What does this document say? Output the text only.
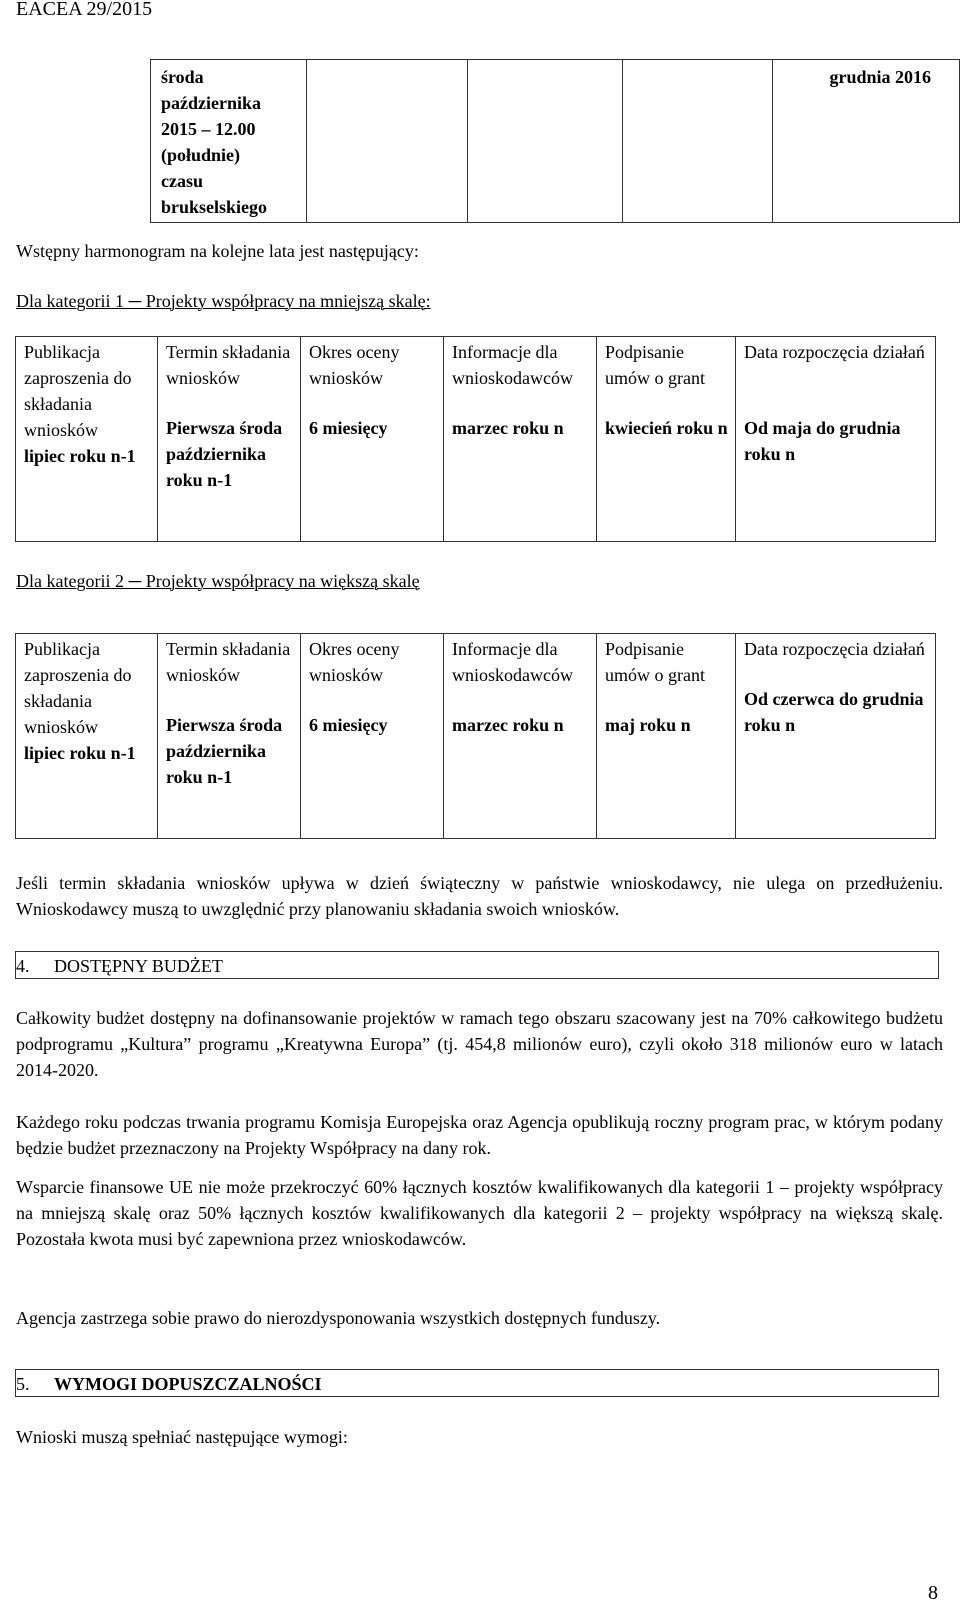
EACEA 29/2015
środa
października
2015 – 12.00
(południe)
czasu
brukselskiego
				grudnia 2016
Wstępny harmonogram na kolejne lata jest następujący:
Dla kategorii 1 ─ Projekty współpracy na mniejszą skalę:
Publikacja zaproszenia do składania wniosków
lipiec roku n-1
	Termin składania wniosków
Pierwsza środa października roku n-1
	Okres oceny wniosków
6 miesięcy
	Informacje dla wnioskodawców
marzec roku n
	Podpisanie umów o grant
kwiecień roku n
	Data rozpoczęcia działań
Od maja do grudnia roku n
Dla kategorii 2 ─ Projekty współpracy na większą skalę
Publikacja zaproszenia do składania wniosków
lipiec roku n-1
	Termin składania wniosków
Pierwsza środa października roku n-1
	Okres oceny wniosków
6 miesięcy
	Informacje dla wnioskodawców
marzec roku n
	Podpisanie umów o grant
maj roku n
	Data rozpoczęcia działań
Od czerwca do grudnia roku n
Jeśli termin składania wniosków upływa w dzień świąteczny w państwie wnioskodawcy, nie ulega on przedłużeniu. Wnioskodawcy muszą to uwzględnić przy planowaniu składania swoich wniosków.
4. DOSTĘPNY BUDŻET
Całkowity budżet dostępny na dofinansowanie projektów w ramach tego obszaru szacowany jest na 70% całkowitego budżetu podprogramu „Kultura” programu „Kreatywna Europa” (tj. 454,8 milionów euro), czyli około 318 milionów euro w latach 2014-2020.
Każdego roku podczas trwania programu Komisja Europejska oraz Agencja opublikują roczny program prac, w którym podany będzie budżet przeznaczony na Projekty Współpracy na dany rok.
Wsparcie finansowe UE nie może przekroczyć 60% łącznych kosztów kwalifikowanych dla kategorii 1 – projekty współpracy na mniejszą skalę oraz 50% łącznych kosztów kwalifikowanych dla kategorii 2 – projekty współpracy na większą skalę. Pozostała kwota musi być zapewniona przez wnioskodawców.
Agencja zastrzega sobie prawo do nierozdysponowania wszystkich dostępnych funduszy.
5. WYMOGI DOPUSZCZALNOŚCI
Wnioski muszą spełniać następujące wymogi:
8
